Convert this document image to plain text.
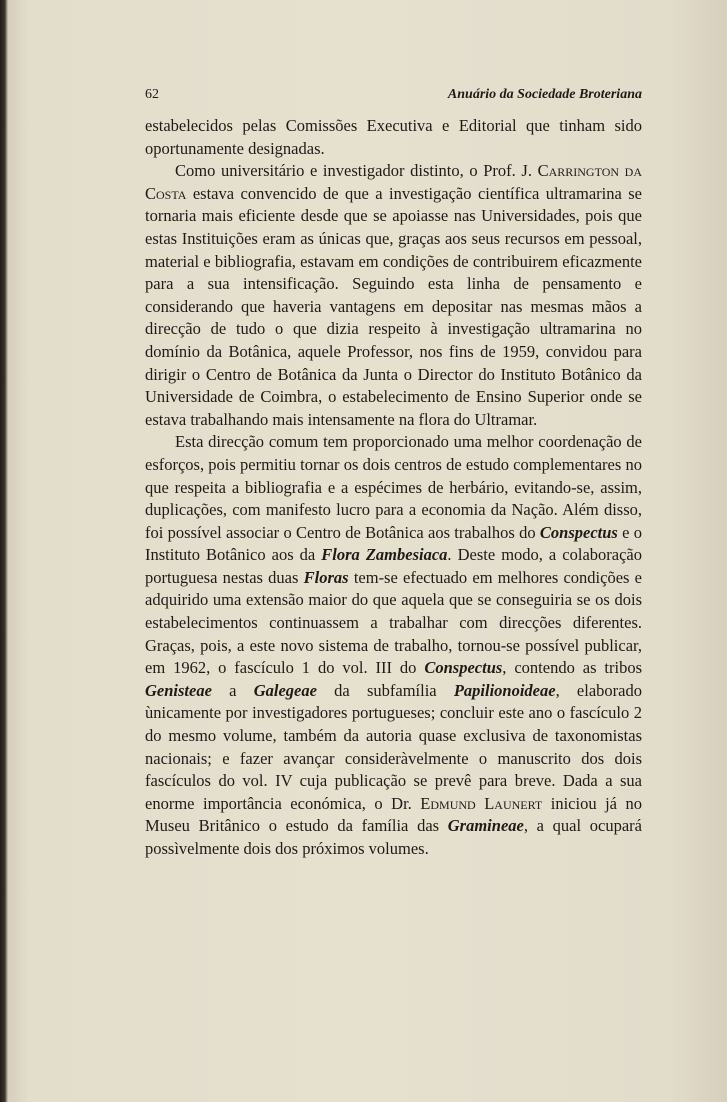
62	Anuário da Sociedade Broteriana

estabelecidos pelas Comissões Executiva e Editorial que tinham sido oportunamente designadas.

Como universitário e investigador distinto, o Prof. J. Carrington da Costa estava convencido de que a investigação científica ultramarina se tornaria mais eficiente desde que se apoiasse nas Universidades, pois que estas Instituições eram as únicas que, graças aos seus recursos em pessoal, material e bibliografia, estavam em condições de contribuirem eficazmente para a sua intensificação. Seguindo esta linha de pensamento e considerando que haveria vantagens em depositar nas mesmas mãos a direcção de tudo o que dizia respeito à investigação ultramarina no domínio da Botânica, aquele Professor, nos fins de 1959, convidou para dirigir o Centro de Botânica da Junta o Director do Instituto Botânico da Universidade de Coimbra, o estabelecimento de Ensino Superior onde se estava trabalhando mais intensamente na flora do Ultramar.

Esta direcção comum tem proporcionado uma melhor coordenação de esforços, pois permitiu tornar os dois centros de estudo complementares no que respeita a bibliografia e a espécimes de herbário, evitando-se, assim, duplicações, com manifesto lucro para a economia da Nação. Além disso, foi possível associar o Centro de Botânica aos trabalhos do Conspectus e o Instituto Botânico aos da Flora Zambesiaca. Deste modo, a colaboração portuguesa nestas duas Floras tem-se efectuado em melhores condições e adquirido uma extensão maior do que aquela que se conseguiria se os dois estabelecimentos continuassem a trabalhar com direcções diferentes. Graças, pois, a este novo sistema de trabalho, tornou-se possível publicar, em 1962, o fascículo 1 do vol. III do Conspectus, contendo as tribos Genisteae a Galegeae da subfamília Papilionoideae, elaborado ùnicamente por investigadores portugueses; concluir este ano o fascículo 2 do mesmo volume, também da autoria quase exclusiva de taxonomistas nacionais; e fazer avançar consideràvelmente o manuscrito dos dois fascículos do vol. IV cuja publicação se prevê para breve. Dada a sua enorme importância económica, o Dr. Edmund Launert iniciou já no Museu Britânico o estudo da família das Gramineae, a qual ocupará possìvelmente dois dos próximos volumes.
